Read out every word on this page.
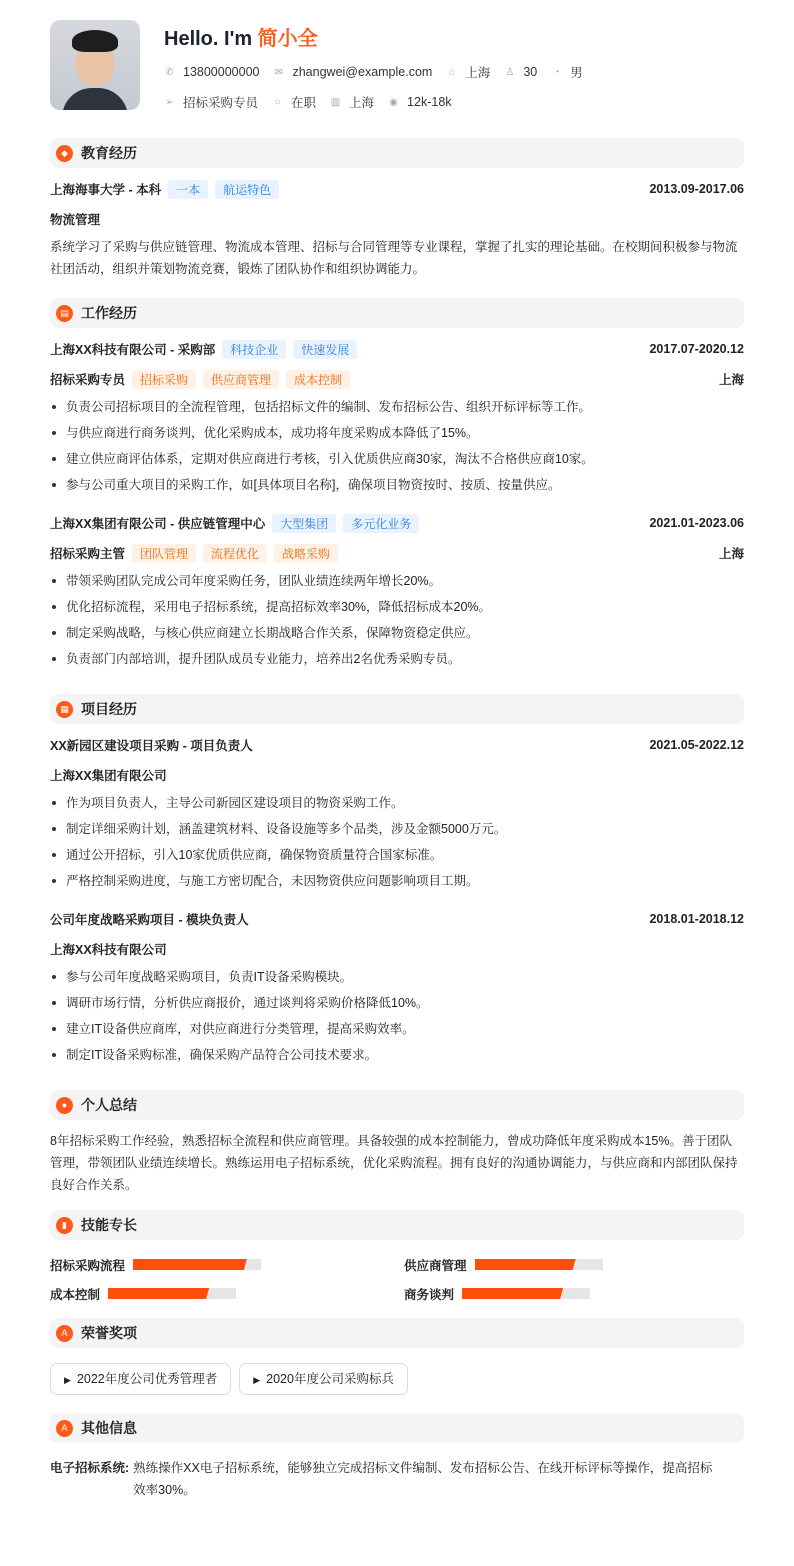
Hello. I'm 简小全
✆ 13800000000 ✉ zhangwei@example.com ⌂ 上海 ♙ 30 ◔ 男
➢ 招标采购专员 ○ 在职 ▥ 上海 ◉ 12k-18k
◆ 教育经历
上海海事大学 - 本科	一本	航运特色	2013.09-2017.06
物流管理
系统学习了采购与供应链管理、物流成本管理、招标与合同管理等专业课程，掌握了扎实的理论基础。在校期间积极参与物流社团活动，组织并策划物流竞赛，锻炼了团队协作和组织协调能力。
▤ 工作经历
上海XX科技有限公司 - 采购部	科技企业	快速发展	2017.07-2020.12
招标采购专员	招标采购	供应商管理	成本控制	上海
负责公司招标项目的全流程管理，包括招标文件的编制、发布招标公告、组织开标评标等工作。
与供应商进行商务谈判，优化采购成本，成功将年度采购成本降低了15%。
建立供应商评估体系，定期对供应商进行考核，引入优质供应商30家，淘汰不合格供应商10家。
参与公司重大项目的采购工作，如[具体项目名称]，确保项目物资按时、按质、按量供应。
上海XX集团有限公司 - 供应链管理中心	大型集团	多元化业务	2021.01-2023.06
招标采购主管	团队管理	流程优化	战略采购	上海
带领采购团队完成公司年度采购任务，团队业绩连续两年增长20%。
优化招标流程，采用电子招标系统，提高招标效率30%，降低招标成本20%。
制定采购战略，与核心供应商建立长期战略合作关系，保障物资稳定供应。
负责部门内部培训，提升团队成员专业能力，培养出2名优秀采购专员。
▦ 项目经历
XX新园区建设项目采购 - 项目负责人	2021.05-2022.12
上海XX集团有限公司
作为项目负责人，主导公司新园区建设项目的物资采购工作。
制定详细采购计划，涵盖建筑材料、设备设施等多个品类，涉及金额5000万元。
通过公开招标，引入10家优质供应商，确保物资质量符合国家标准。
严格控制采购进度，与施工方密切配合，未因物资供应问题影响项目工期。
公司年度战略采购项目 - 模块负责人	2018.01-2018.12
上海XX科技有限公司
参与公司年度战略采购项目，负责IT设备采购模块。
调研市场行情，分析供应商报价，通过谈判将采购价格降低10%。
建立IT设备供应商库，对供应商进行分类管理，提高采购效率。
制定IT设备采购标准，确保采购产品符合公司技术要求。
● 个人总结
8年招标采购工作经验，熟悉招标全流程和供应商管理。具备较强的成本控制能力，曾成功降低年度采购成本15%。善于团队管理，带领团队业绩连续增长。熟练运用电子招标系统，优化采购流程。拥有良好的沟通协调能力，与供应商和内部团队保持良好合作关系。
▮	技能专长
招标采购流程	供应商管理
成本控制	商务谈判
A 荣誉奖项
▶ 2022年度公司优秀管理者	▶ 2020年度公司采购标兵
A 其他信息
电子招标系统: 熟练操作XX电子招标系统，能够独立完成招标文件编制、发布招标公告、在线开标评标等操作，提高招标效率30%。
